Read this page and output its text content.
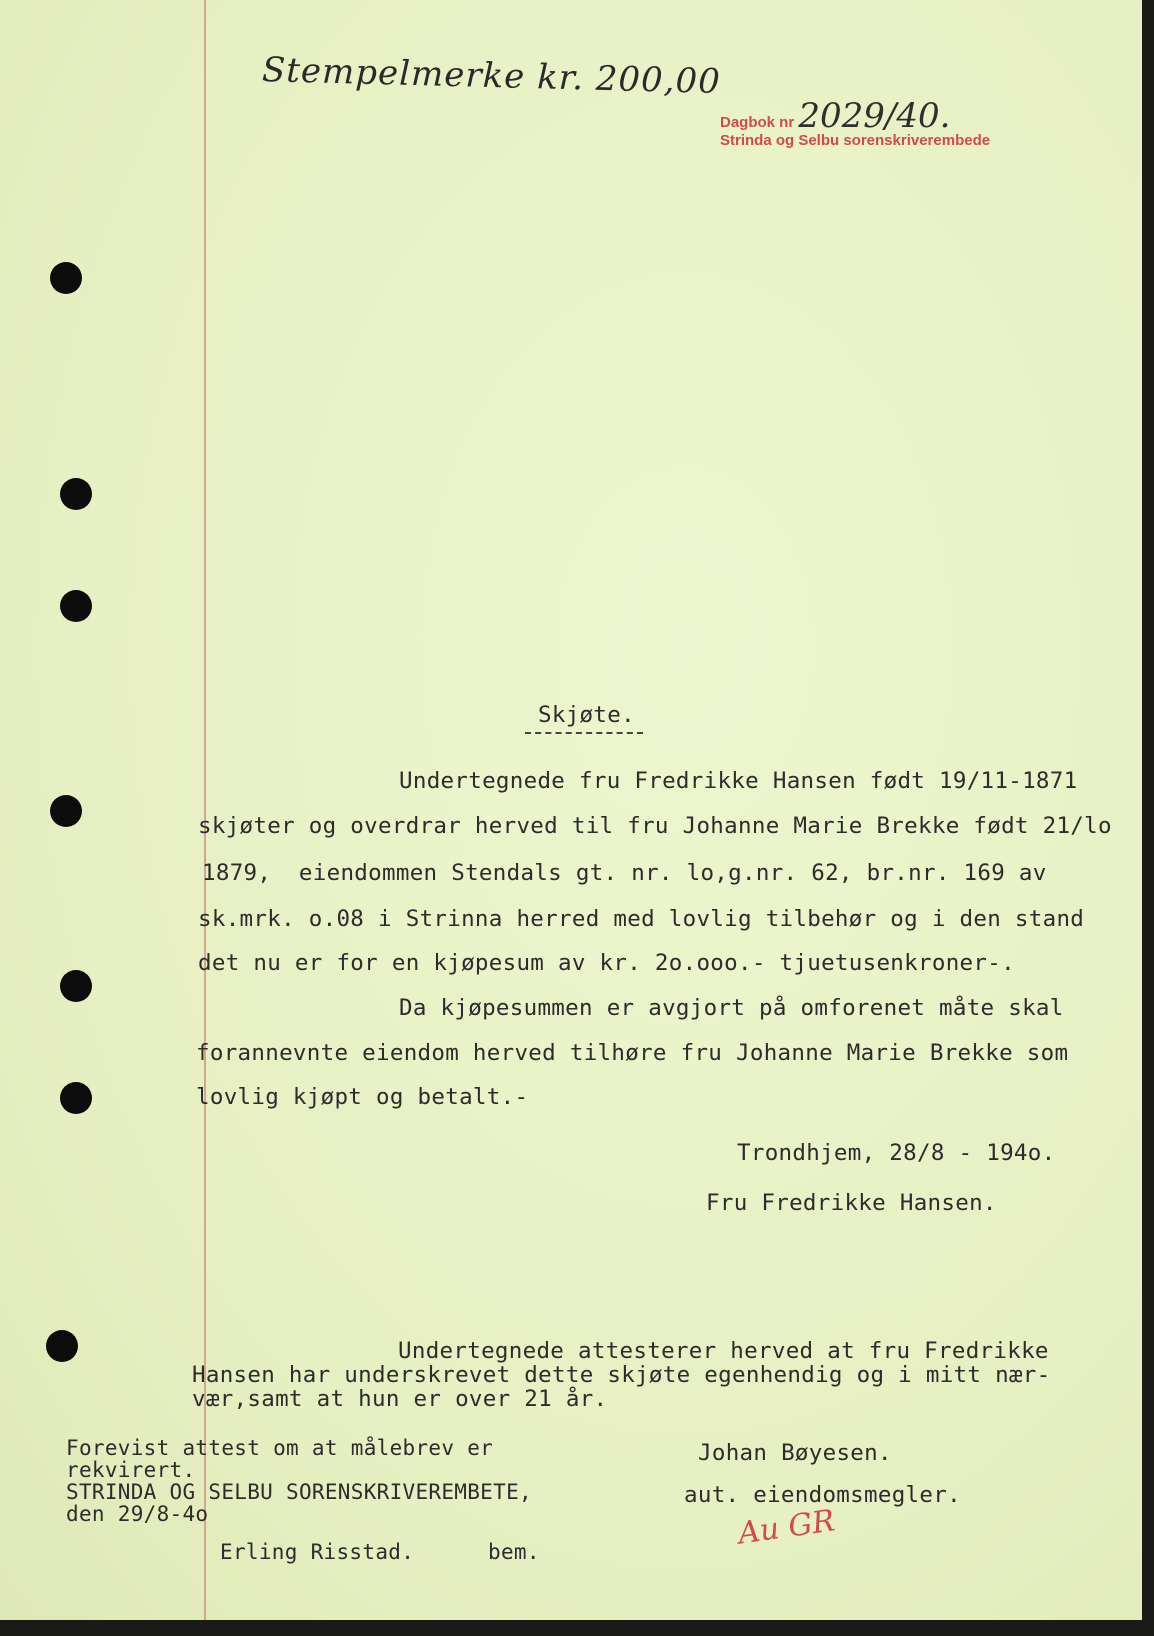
Stempelmerke kr. 200,00
Dagbok nr 2029/40.
Strinda og Selbu sorenskriverembede
Skjøte.
Undertegnede fru Fredrikke Hansen født 19/11-1871
skjøter og overdrar herved til fru Johanne Marie Brekke født 21/lo
1879,  eiendommen Stendals gt. nr. lo,g.nr. 62, br.nr. 169 av
sk.mrk. o.08 i Strinna herred med lovlig tilbehør og i den stand
det nu er for en kjøpesum av kr. 2o.ooo.- tjuetusenkroner-.
Da kjøpesummen er avgjort på omforenet måte skal
forannevnte eiendom herved tilhøre fru Johanne Marie Brekke som
lovlig kjøpt og betalt.-
Trondhjem, 28/8 - 194o.
Fru Fredrikke Hansen.
Undertegnede attesterer herved at fru Fredrikke
Hansen har underskrevet dette skjøte egenhendig og i mitt nær-
vær,samt at hun er over 21 år.
Johan Bøyesen.
aut. eiendomsmegler.
Forevist attest om at målebrev er
rekvirert.
STRINDA OG SELBU SORENSKRIVEREMBETE,
den 29/8-4o
Erling Risstad.	bem.
Au GR
